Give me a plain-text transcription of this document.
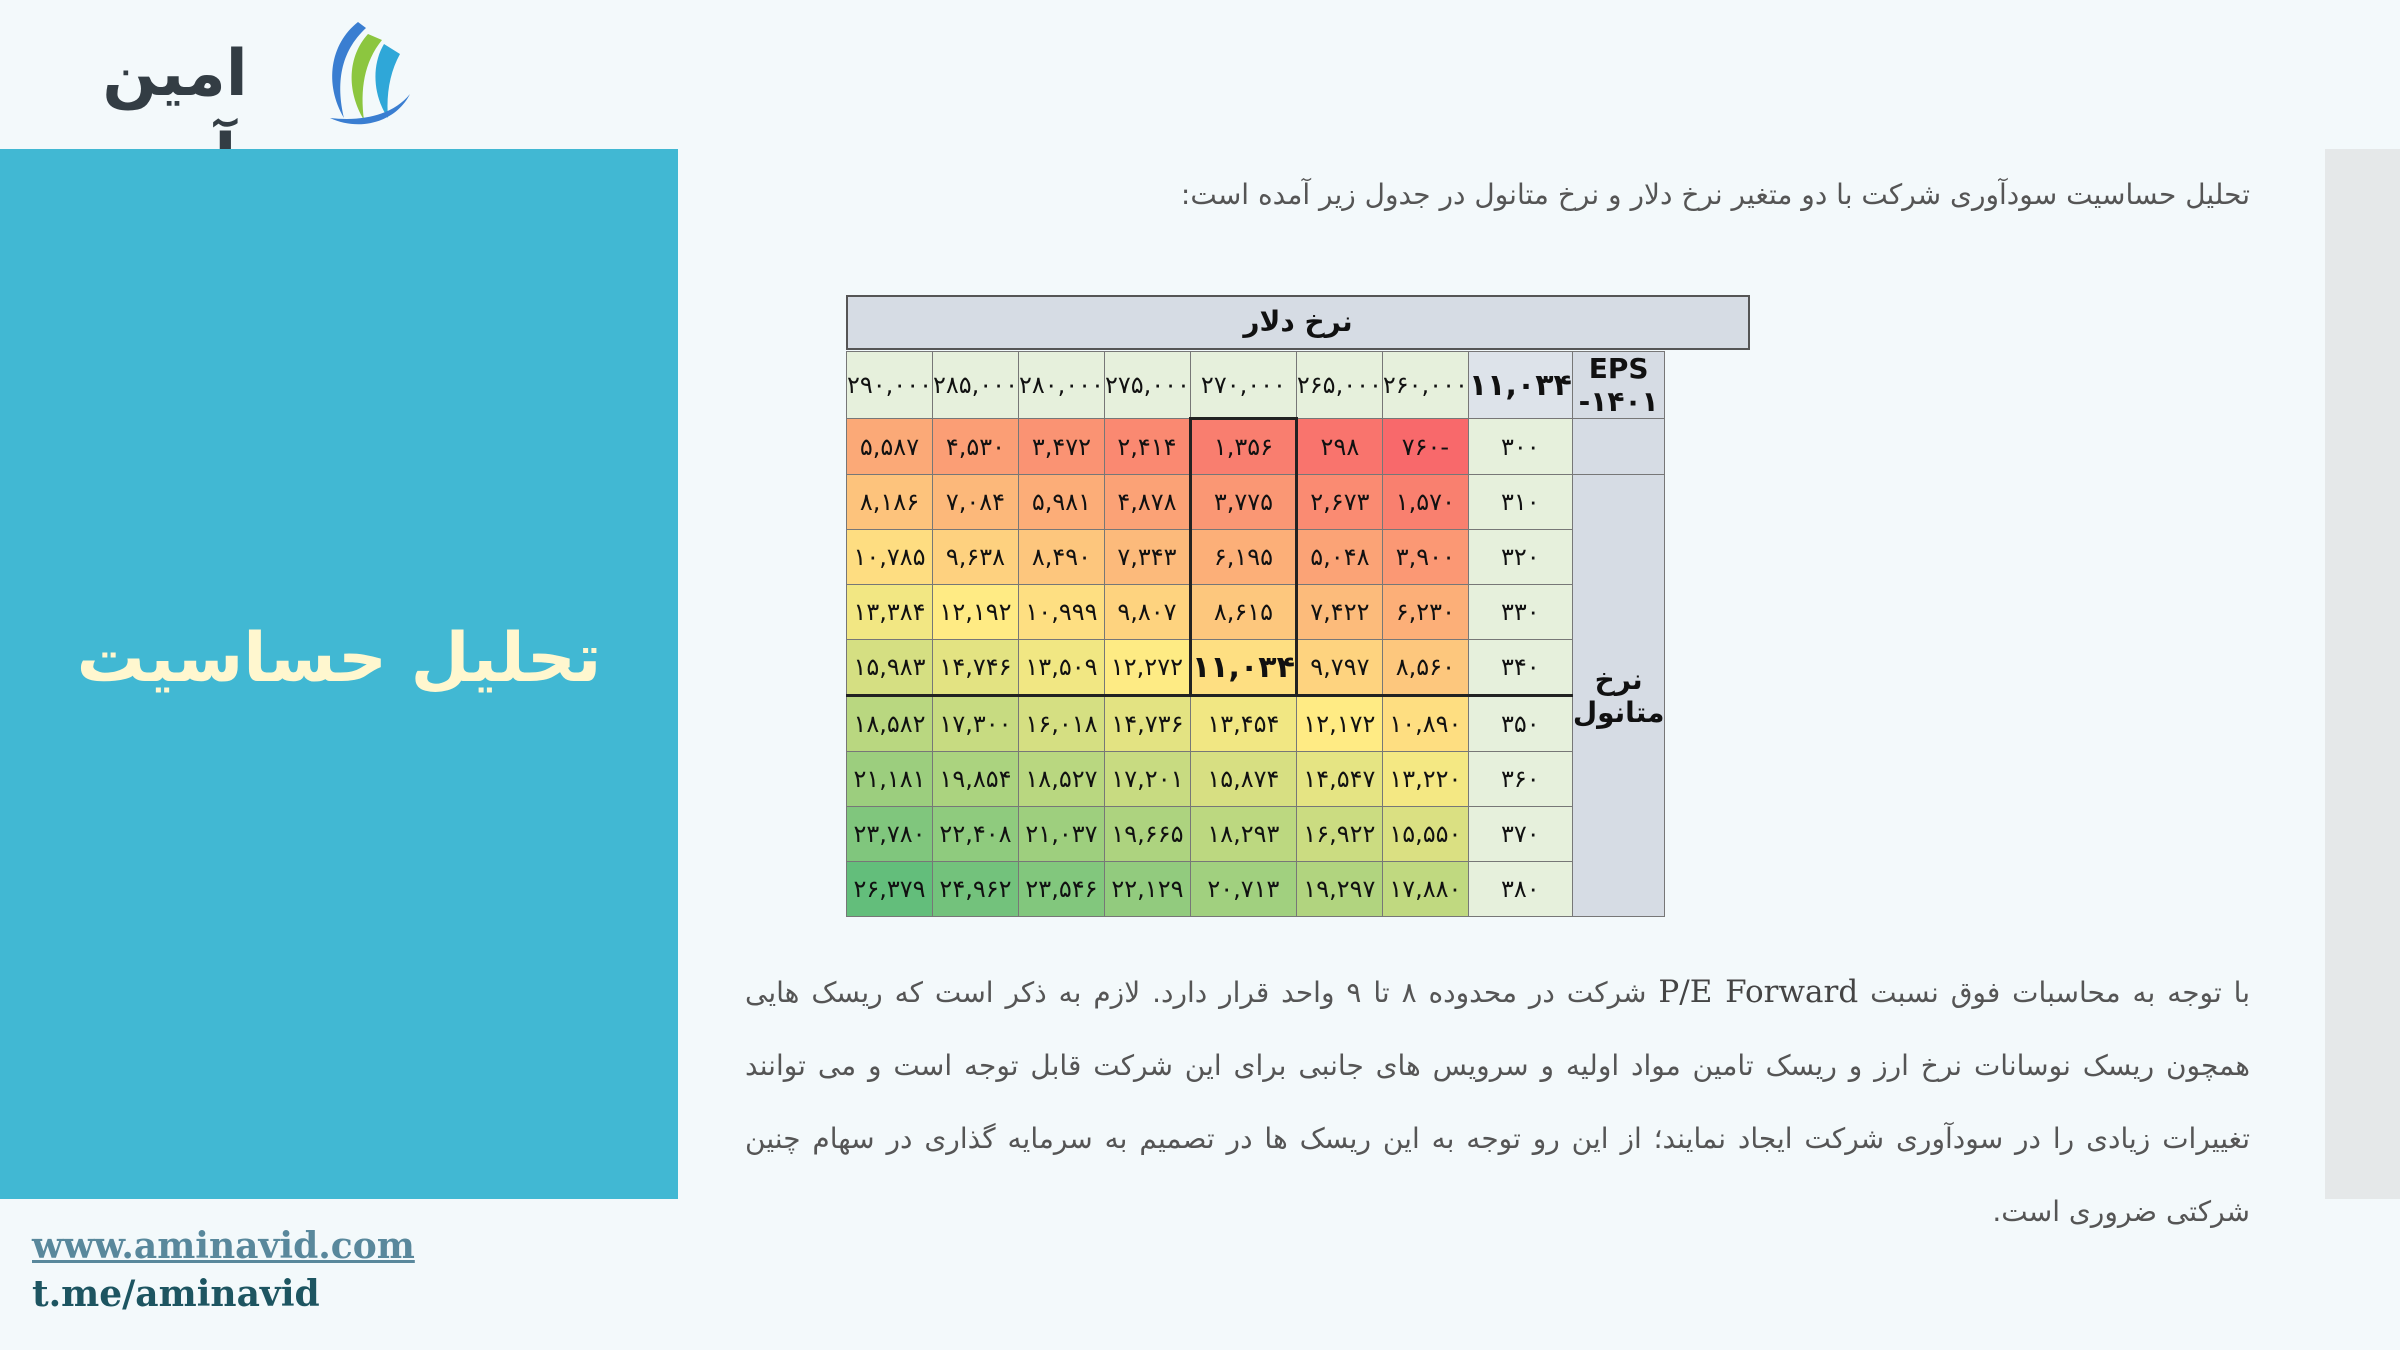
امین
تحلیل حساسیت
www.aminavid.com
t.me/aminavid
تحلیل حساسیت سودآوری شرکت با دو متغیر نرخ دلار و نرخ متانول در جدول زیر آمده است:
نرخ دلار
EPS -۱۴۰۱	۱۱,۰۳۴	۲۶۰,۰۰۰	۲۶۵,۰۰۰	۲۷۰,۰۰۰	۲۷۵,۰۰۰	۲۸۰,۰۰۰	۲۸۵,۰۰۰	۲۹۰,۰۰۰
	۳۰۰	-۷۶۰	۲۹۸	۱,۳۵۶	۲,۴۱۴	۳,۴۷۲	۴,۵۳۰	۵,۵۸۷
نرخ متانول	۳۱۰	۱,۵۷۰	۲,۶۷۳	۳,۷۷۵	۴,۸۷۸	۵,۹۸۱	۷,۰۸۴	۸,۱۸۶
	۳۲۰	۳,۹۰۰	۵,۰۴۸	۶,۱۹۵	۷,۳۴۳	۸,۴۹۰	۹,۶۳۸	۱۰,۷۸۵
	۳۳۰	۶,۲۳۰	۷,۴۲۲	۸,۶۱۵	۹,۸۰۷	۱۰,۹۹۹	۱۲,۱۹۲	۱۳,۳۸۴
	۳۴۰	۸,۵۶۰	۹,۷۹۷	۱۱,۰۳۴	۱۲,۲۷۲	۱۳,۵۰۹	۱۴,۷۴۶	۱۵,۹۸۳
	۳۵۰	۱۰,۸۹۰	۱۲,۱۷۲	۱۳,۴۵۴	۱۴,۷۳۶	۱۶,۰۱۸	۱۷,۳۰۰	۱۸,۵۸۲
	۳۶۰	۱۳,۲۲۰	۱۴,۵۴۷	۱۵,۸۷۴	۱۷,۲۰۱	۱۸,۵۲۷	۱۹,۸۵۴	۲۱,۱۸۱
	۳۷۰	۱۵,۵۵۰	۱۶,۹۲۲	۱۸,۲۹۳	۱۹,۶۶۵	۲۱,۰۳۷	۲۲,۴۰۸	۲۳,۷۸۰
	۳۸۰	۱۷,۸۸۰	۱۹,۲۹۷	۲۰,۷۱۳	۲۲,۱۲۹	۲۳,۵۴۶	۲۴,۹۶۲	۲۶,۳۷۹
با توجه به محاسبات فوق نسبت P/E Forward شرکت در محدوده ۸ تا ۹ واحد قرار دارد. لازم به ذکر است که ریسک هایی همچون ریسک نوسانات نرخ ارز و ریسک تامین مواد اولیه و سرویس های جانبی برای این شرکت قابل توجه است و می توانند تغییرات زیادی را در سودآوری شرکت ایجاد نمایند؛ از این رو توجه به این ریسک ها در تصمیم به سرمایه گذاری در سهام چنین شرکتی ضروری است.
